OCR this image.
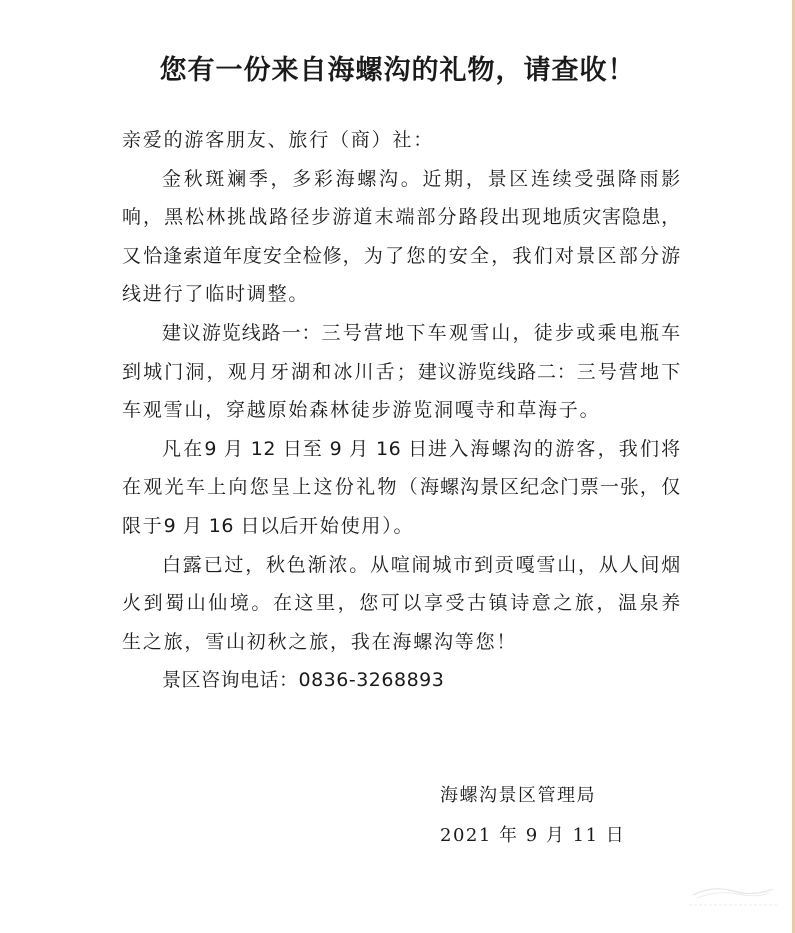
您有一份来自海螺沟的礼物，请查收！

亲爱的游客朋友、旅行（商）社：

金秋斑斓季，多彩海螺沟。近期，景区连续受强降雨影响，黑松林挑战路径步游道末端部分路段出现地质灾害隐患，又恰逢索道年度安全检修，为了您的安全，我们对景区部分游线进行了临时调整。

建议游览线路一：三号营地下车观雪山，徒步或乘电瓶车到城门洞，观月牙湖和冰川舌；建议游览线路二：三号营地下车观雪山，穿越原始森林徒步游览洞嘎寺和草海子。

凡在9 月 12 日至 9 月 16 日进入海螺沟的游客，我们将在观光车上向您呈上这份礼物（海螺沟景区纪念门票一张，仅限于9 月 16 日以后开始使用）。

白露已过，秋色渐浓。从喧闹城市到贡嘎雪山，从人间烟火到蜀山仙境。在这里，您可以享受古镇诗意之旅，温泉养生之旅，雪山初秋之旅，我在海螺沟等您！

景区咨询电话：0836-3268893

海螺沟景区管理局
2021 年 9 月 11 日
